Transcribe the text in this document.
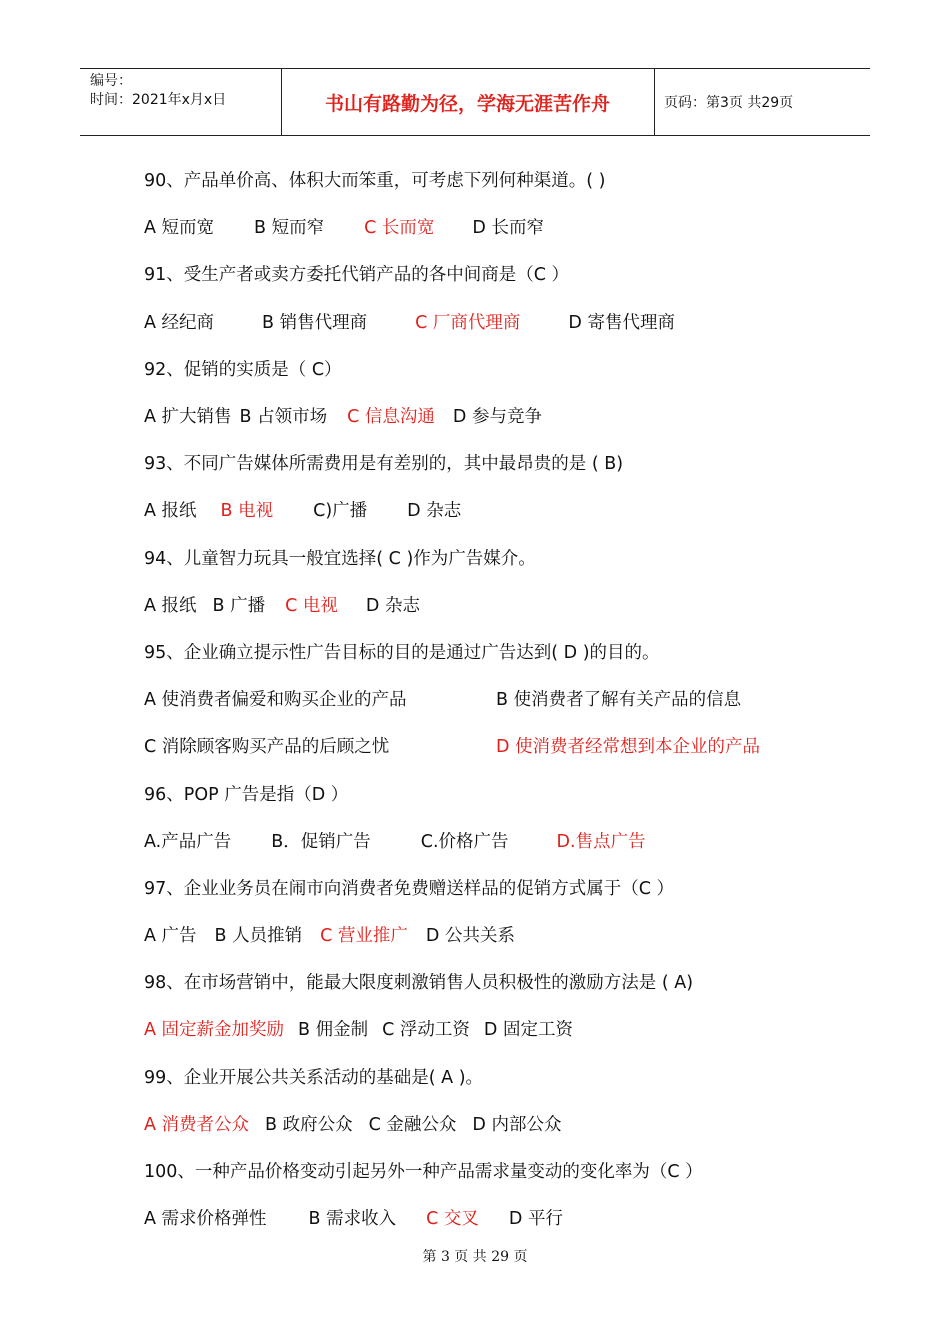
编号：
时间：2021年x月x日	书山有路勤为径，学海无涯苦作舟	页码：第3页 共29页
90、产品单价高、体积大而笨重，可考虑下列何种渠道。( )
A 短而宽 B 短而窄 C 长而宽 D 长而窄
91、受生产者或卖方委托代销产品的各中间商是（C ）
A 经纪商	B 销售代理商	C 厂商代理商	D 寄售代理商
92、促销的实质是（ C）
A 扩大销售 B 占领市场 C 信息沟通 D 参与竞争
93、不同广告媒体所需费用是有差别的，其中最昂贵的是 ( B)
A 报纸 B 电视 C)广播 D 杂志
94、儿童智力玩具一般宜选择( C )作为广告媒介。
A 报纸 B 广播 C 电视 D 杂志
95、企业确立提示性广告目标的目的是通过广告达到( D )的目的。
A 使消费者偏爱和购买企业的产品	B 使消费者了解有关产品的信息
C 消除顾客购买产品的后顾之忧	D 使消费者经常想到本企业的产品
96、POP 广告是指（D ）
A.产品广告 B．促销广告	C.价格广告	D.售点广告
97、企业业务员在闹市向消费者免费赠送样品的促销方式属于（C ）
A 广告 B 人员推销 C 营业推广 D 公共关系
98、在市场营销中，能最大限度刺激销售人员积极性的激励方法是 ( A)
A 固定薪金加奖励 B 佣金制 C 浮动工资 D 固定工资
99、企业开展公共关系活动的基础是( A )。
A 消费者公众 B 政府公众 C 金融公众 D 内部公众
100、一种产品价格变动引起另外一种产品需求量变动的变化率为（C ）
A 需求价格弹性 B 需求收入 C 交叉 D 平行
第 3 页 共 29 页
